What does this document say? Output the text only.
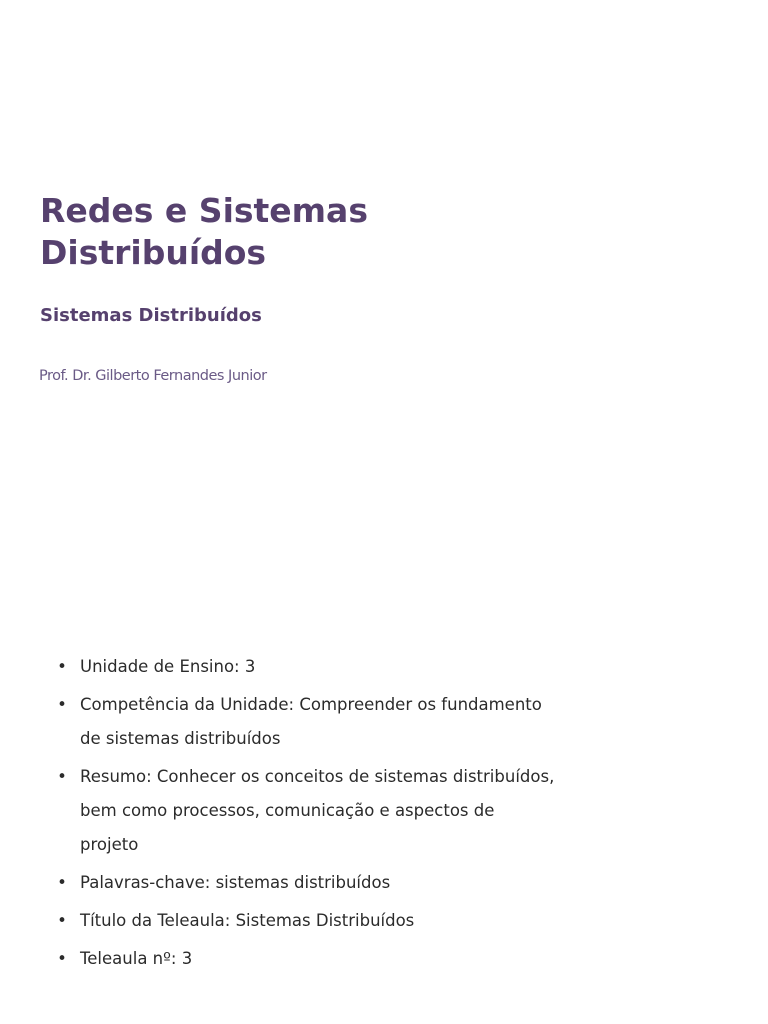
Redes e Sistemas Distribuídos
Sistemas Distribuídos

Prof. Dr. Gilberto Fernandes Junior

• Unidade de Ensino: 3
• Competência da Unidade: Compreender os fundamento de sistemas distribuídos
• Resumo: Conhecer os conceitos de sistemas distribuídos, bem como processos, comunicação e aspectos de projeto
• Palavras-chave: sistemas distribuídos
• Título da Teleaula: Sistemas Distribuídos
• Teleaula nº: 3
